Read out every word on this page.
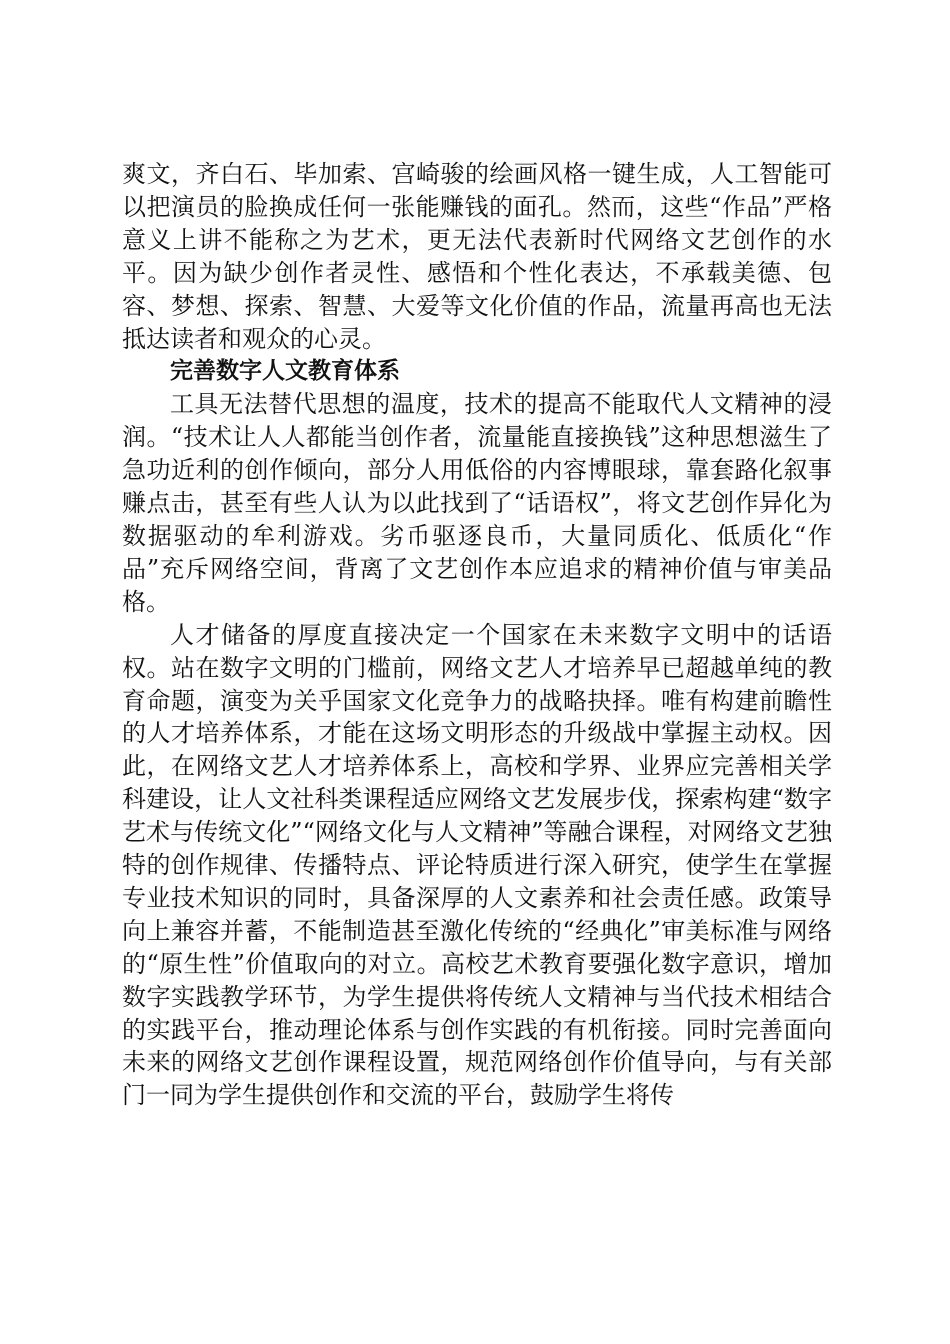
爽文，齐白石、毕加索、宫崎骏的绘画风格一键生成，人工智能可以把演员的脸换成任何一张能赚钱的面孔。然而，这些“作品”严格意义上讲不能称之为艺术，更无法代表新时代网络文艺创作的水平。因为缺少创作者灵性、感悟和个性化表达，不承载美德、包容、梦想、探索、智慧、大爱等文化价值的作品，流量再高也无法抵达读者和观众的心灵。

完善数字人文教育体系

工具无法替代思想的温度，技术的提高不能取代人文精神的浸润。“技术让人人都能当创作者，流量能直接换钱”这种思想滋生了急功近利的创作倾向，部分人用低俗的内容博眼球，靠套路化叙事赚点击，甚至有些人认为以此找到了“话语权”，将文艺创作异化为数据驱动的牟利游戏。劣币驱逐良币，大量同质化、低质化“作品”充斥网络空间，背离了文艺创作本应追求的精神价值与审美品格。

人才储备的厚度直接决定一个国家在未来数字文明中的话语权。站在数字文明的门槛前，网络文艺人才培养早已超越单纯的教育命题，演变为关乎国家文化竞争力的战略抉择。唯有构建前瞻性的人才培养体系，才能在这场文明形态的升级战中掌握主动权。因此，在网络文艺人才培养体系上，高校和学界、业界应完善相关学科建设，让人文社科类课程适应网络文艺发展步伐，探索构建“数字艺术与传统文化”“网络文化与人文精神”等融合课程，对网络文艺独特的创作规律、传播特点、评论特质进行深入研究，使学生在掌握专业技术知识的同时，具备深厚的人文素养和社会责任感。政策导向上兼容并蓄，不能制造甚至激化传统的“经典化”审美标准与网络的“原生性”价值取向的对立。高校艺术教育要强化数字意识，增加数字实践教学环节，为学生提供将传统人文精神与当代技术相结合的实践平台，推动理论体系与创作实践的有机衔接。同时完善面向未来的网络文艺创作课程设置，规范网络创作价值导向，与有关部门一同为学生提供创作和交流的平台，鼓励学生将传
